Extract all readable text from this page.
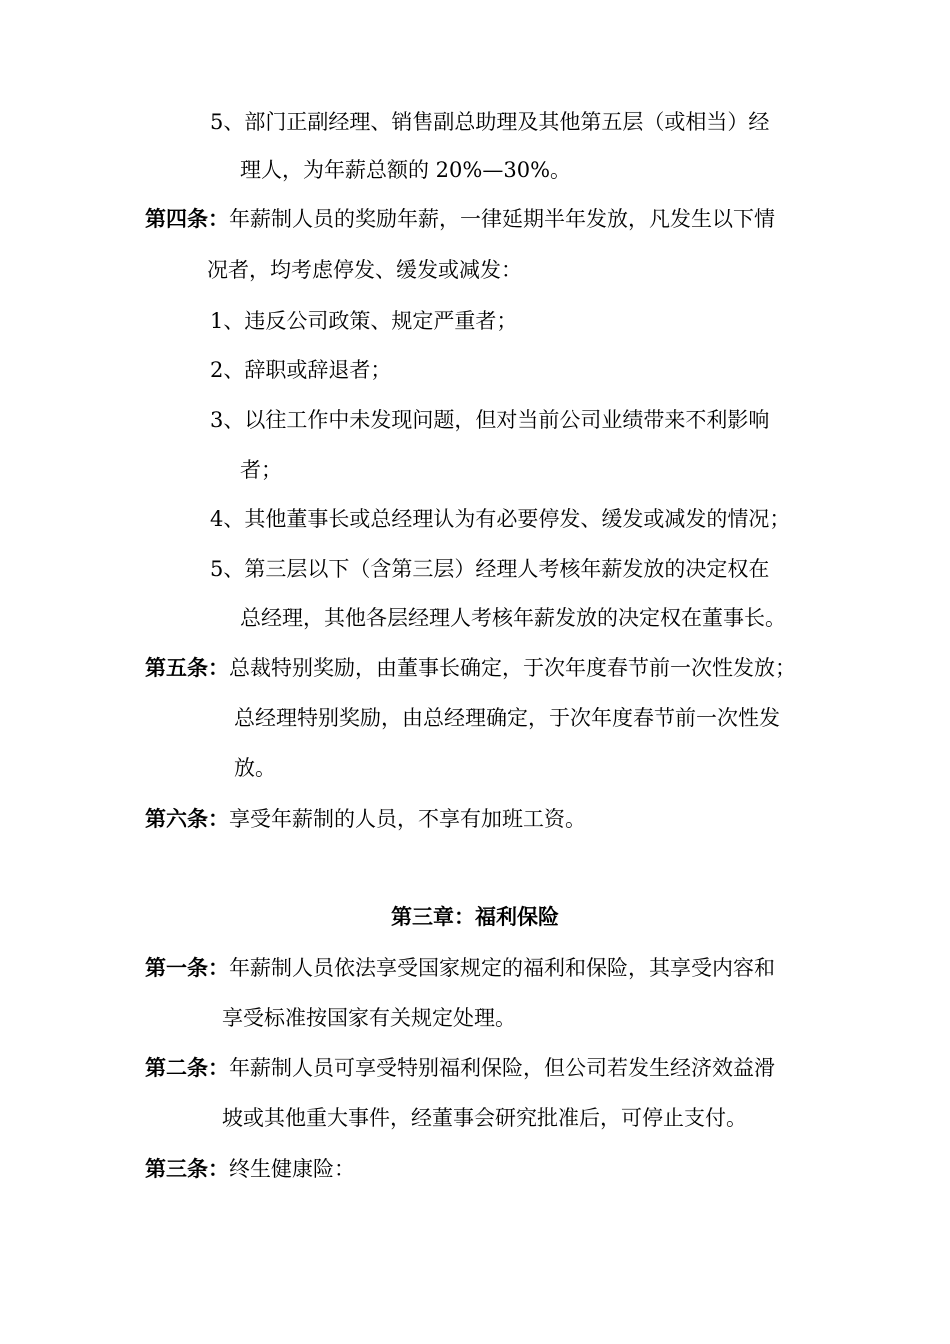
5、部门正副经理、销售副总助理及其他第五层（或相当）经
理人，为年薪总额的 20%—30%。
第四条：年薪制人员的奖励年薪，一律延期半年发放，凡发生以下情
况者，均考虑停发、缓发或减发：
1、违反公司政策、规定严重者；
2、辞职或辞退者；
3、以往工作中未发现问题，但对当前公司业绩带来不利影响
者；
4、其他董事长或总经理认为有必要停发、缓发或减发的情况；
5、第三层以下（含第三层）经理人考核年薪发放的决定权在
总经理，其他各层经理人考核年薪发放的决定权在董事长。
第五条：总裁特别奖励，由董事长确定，于次年度春节前一次性发放；
总经理特别奖励，由总经理确定，于次年度春节前一次性发
放。
第六条：享受年薪制的人员，不享有加班工资。
第三章：福利保险
第一条：年薪制人员依法享受国家规定的福利和保险，其享受内容和
享受标准按国家有关规定处理。
第二条：年薪制人员可享受特别福利保险，但公司若发生经济效益滑
坡或其他重大事件，经董事会研究批准后，可停止支付。
第三条：终生健康险：
